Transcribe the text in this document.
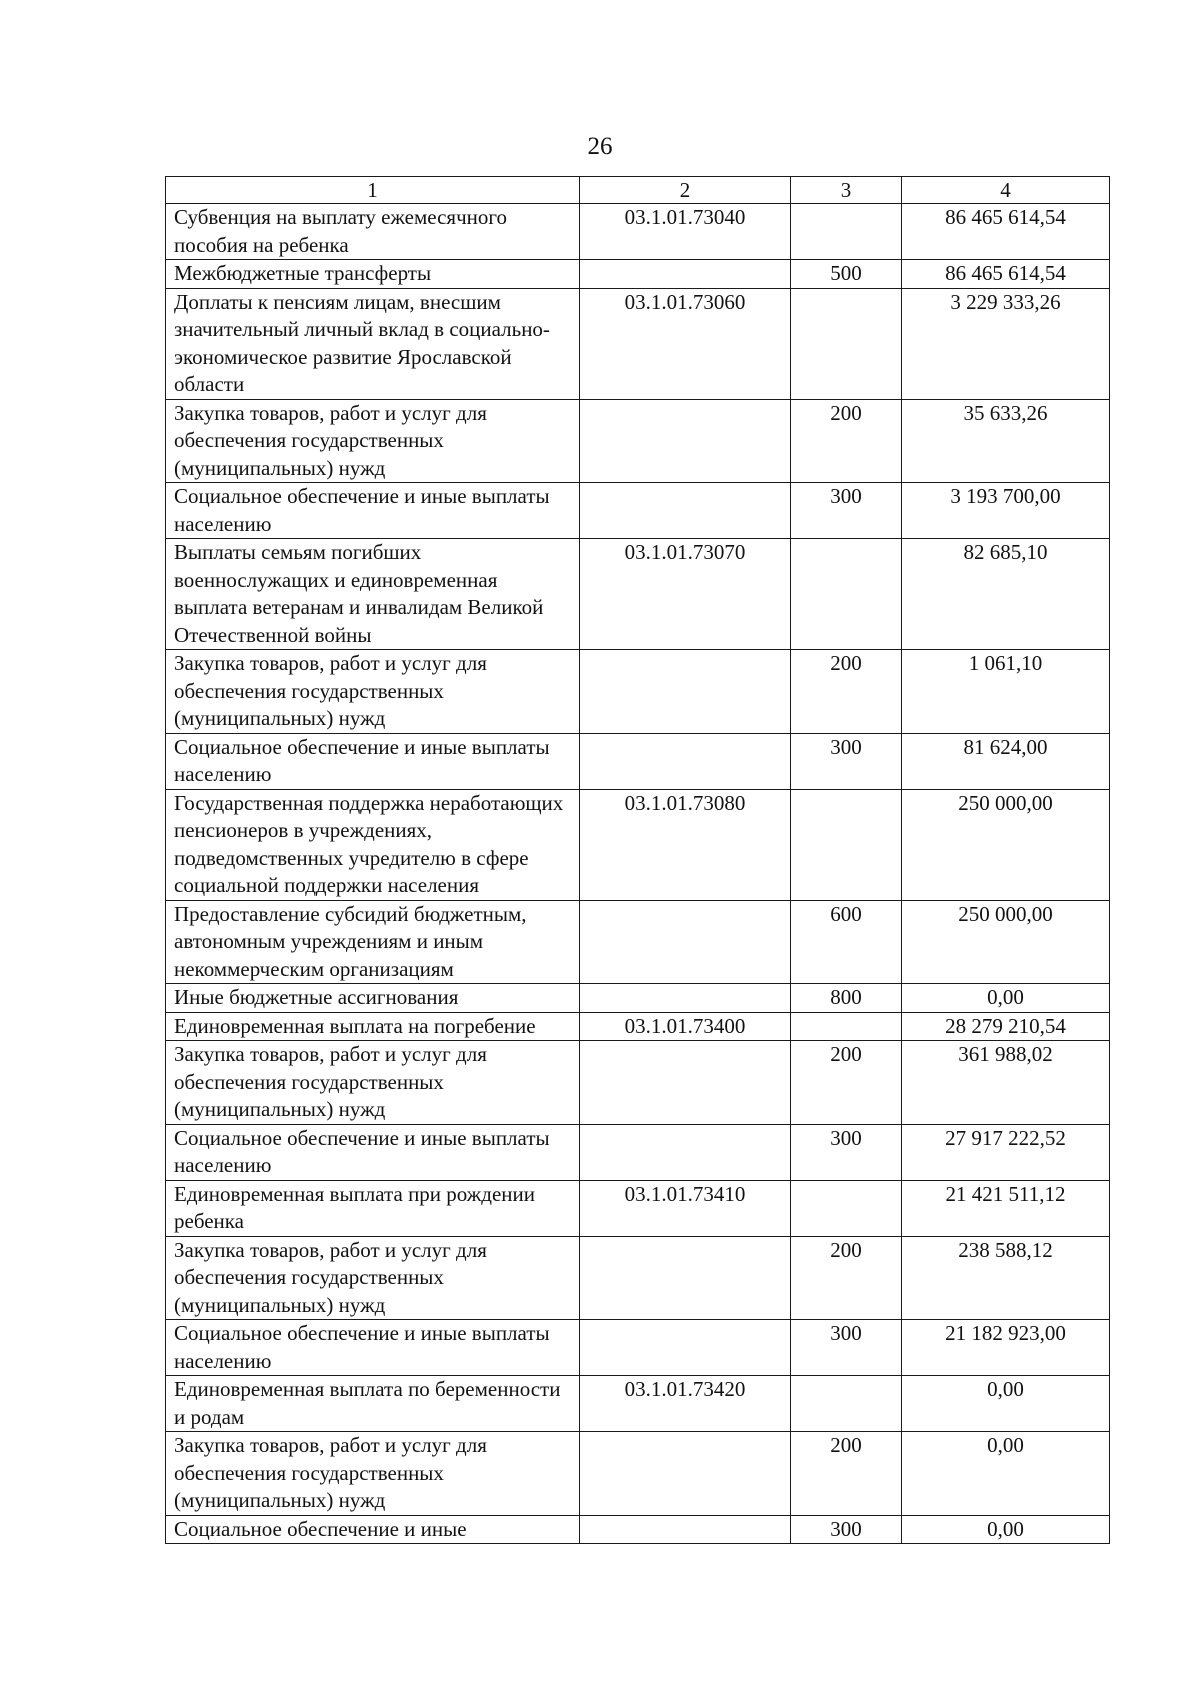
26
1	2	3	4
Субвенция на выплату ежемесячного пособия на ребенка	03.1.01.73040		86 465 614,54
Межбюджетные трансферты		500	86 465 614,54
Доплаты к пенсиям лицам, внесшим значительный личный вклад в социально-экономическое развитие Ярославской области	03.1.01.73060		3 229 333,26
Закупка товаров, работ и услуг для обеспечения государственных (муниципальных) нужд		200	35 633,26
Социальное обеспечение и иные выплаты населению		300	3 193 700,00
Выплаты семьям погибших военнослужащих и единовременная выплата ветеранам и инвалидам Великой Отечественной войны	03.1.01.73070		82 685,10
Закупка товаров, работ и услуг для обеспечения государственных (муниципальных) нужд		200	1 061,10
Социальное обеспечение и иные выплаты населению		300	81 624,00
Государственная поддержка неработающих пенсионеров в учреждениях, подведомственных учредителю в сфере социальной поддержки населения	03.1.01.73080		250 000,00
Предоставление субсидий бюджетным, автономным учреждениям и иным некоммерческим организациям		600	250 000,00
Иные бюджетные ассигнования		800	0,00
Единовременная выплата на погребение	03.1.01.73400		28 279 210,54
Закупка товаров, работ и услуг для обеспечения государственных (муниципальных) нужд		200	361 988,02
Социальное обеспечение и иные выплаты населению		300	27 917 222,52
Единовременная выплата при рождении ребенка	03.1.01.73410		21 421 511,12
Закупка товаров, работ и услуг для обеспечения государственных (муниципальных) нужд		200	238 588,12
Социальное обеспечение и иные выплаты населению		300	21 182 923,00
Единовременная выплата по беременности и родам	03.1.01.73420		0,00
Закупка товаров, работ и услуг для обеспечения государственных (муниципальных) нужд		200	0,00
Социальное обеспечение и иные		300	0,00
